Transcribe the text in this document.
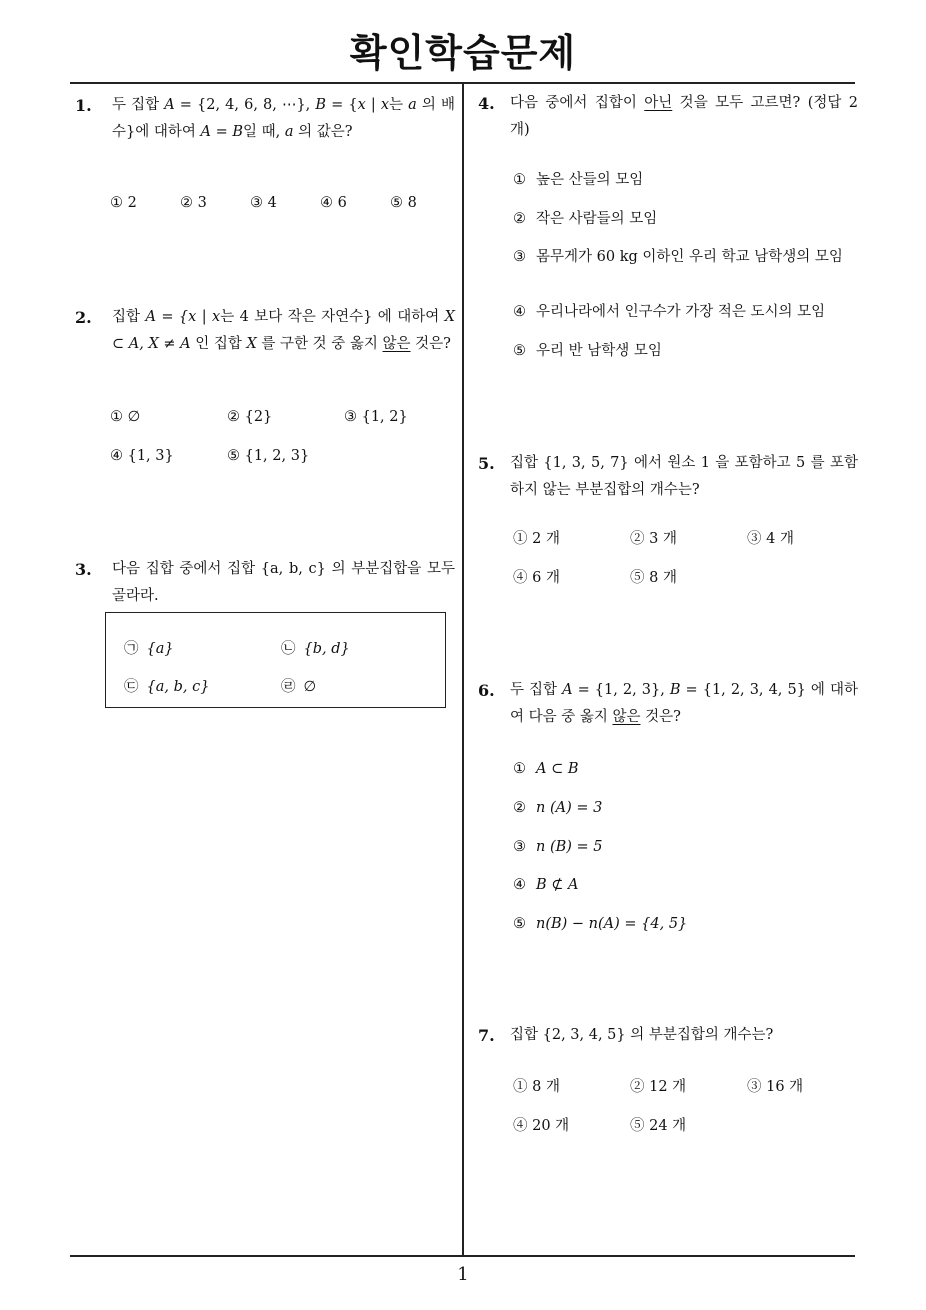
확인학습문제
1. 두 집합 A = {2, 4, 6, 8, ⋯}, B = {x | x는 a 의 배수}에 대하여 A = B일 때, a 의 값은?
① 2	② 3	③ 4	④ 6	⑤ 8
2. 집합 A = {x | x는 4 보다 작은 자연수} 에 대하여 X ⊂ A, X ≠ A 인 집합 X 를 구한 것 중 옳지 않은 것은?
① ∅	② {2}	③ {1, 2}
④ {1, 3}	⑤ {1, 2, 3}
3. 다음 집합 중에서 집합 {a, b, c} 의 부분집합을 모두 골라라.
㉠ {a}	㉡ {b, d}
㉢ {a, b, c}	㉣ ∅
4. 다음 중에서 집합이 아닌 것을 모두 고르면? (정답 2 개)
① 높은 산들의 모임
② 작은 사람들의 모임
③ 몸무게가 60 kg 이하인 우리 학교 남학생의 모임
④ 우리나라에서 인구수가 가장 적은 도시의 모임
⑤ 우리 반 남학생 모임
5. 집합 {1, 3, 5, 7} 에서 원소 1 을 포함하고 5 를 포함하지 않는 부분집합의 개수는?
① 2 개	② 3 개	③ 4 개
④ 6 개	⑤ 8 개
6. 두 집합 A = {1, 2, 3}, B = {1, 2, 3, 4, 5} 에 대하여 다음 중 옳지 않은 것은?
① A ⊂ B
② n (A) = 3
③ n (B) = 5
④ B ⊄ A
⑤ n(B) − n(A) = {4, 5}
7. 집합 {2, 3, 4, 5} 의 부분집합의 개수는?
① 8 개	② 12 개	③ 16 개
④ 20 개	⑤ 24 개
1
